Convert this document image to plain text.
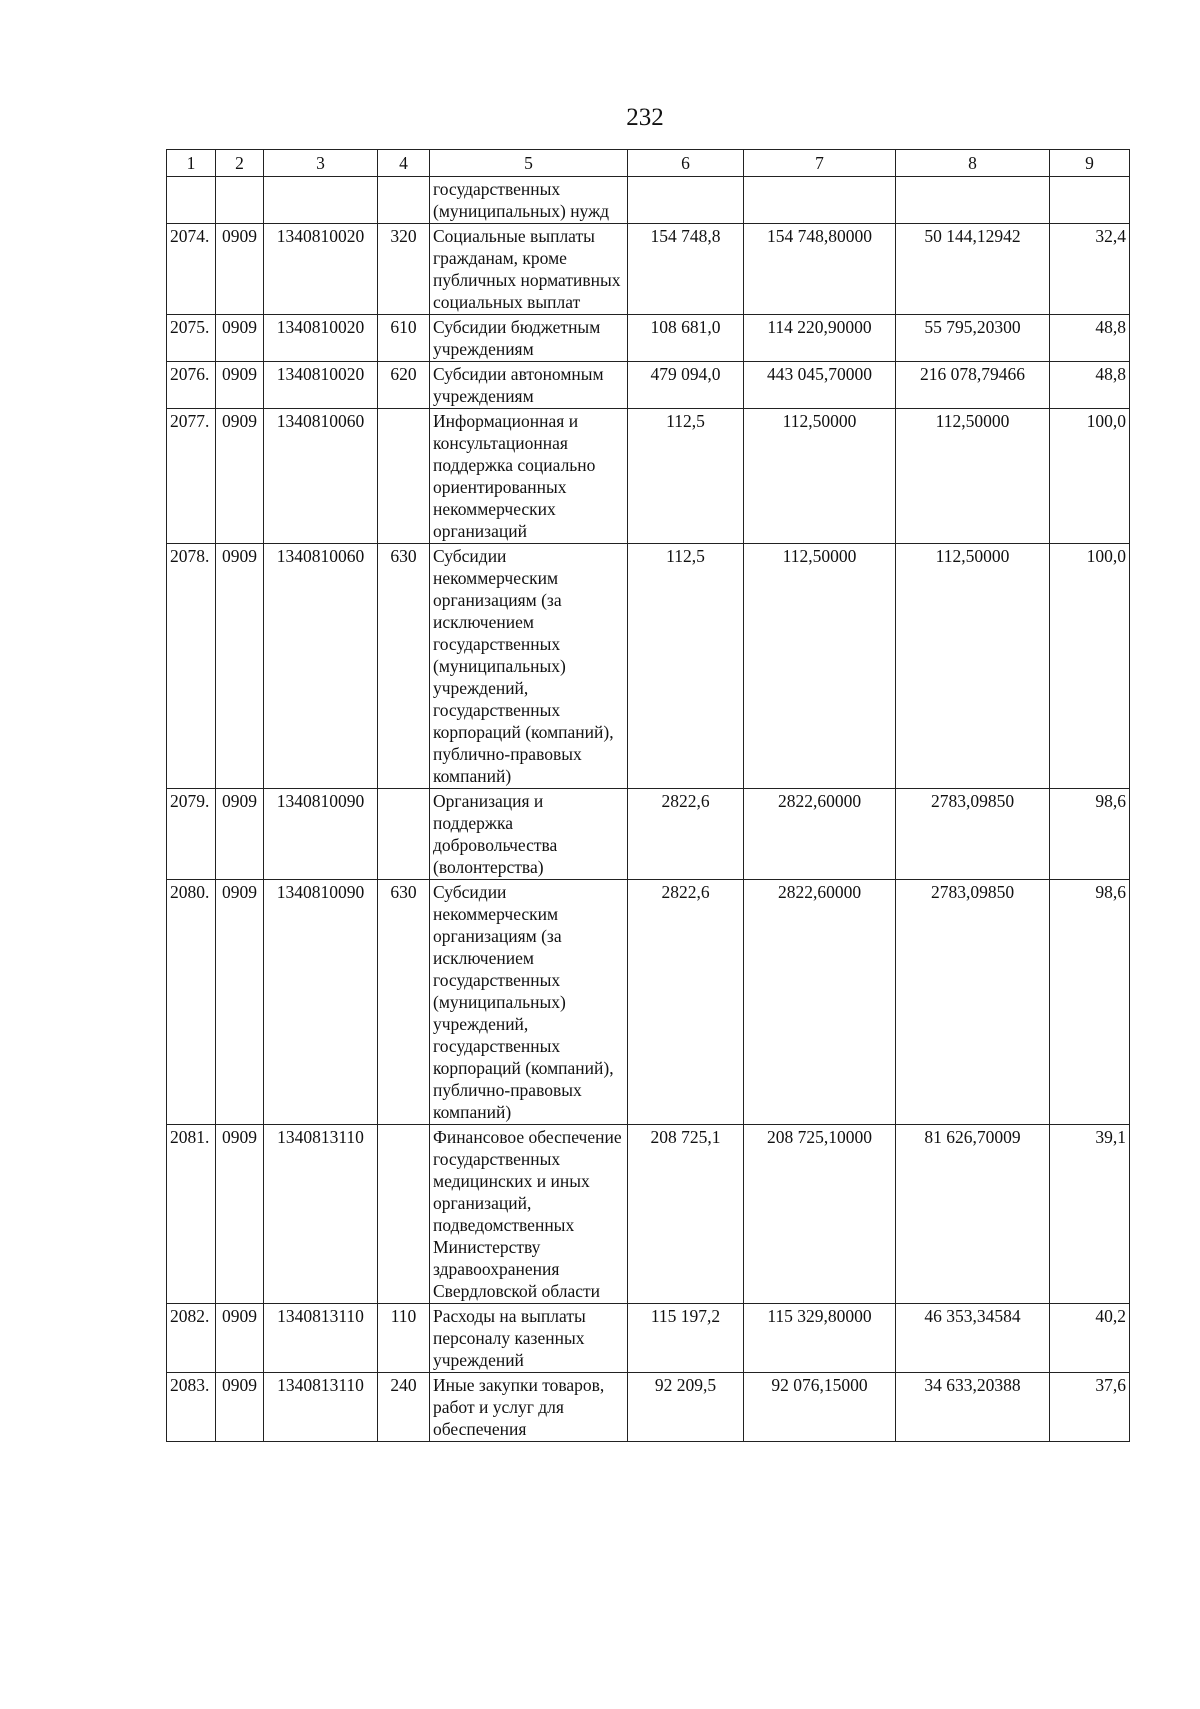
232
1	2	3	4	5	6	7	8	9
				государственных (муниципальных) нужд				
2074.	0909	1340810020	320	Социальные выплаты гражданам, кроме публичных нормативных социальных выплат	154 748,8	154 748,80000	50 144,12942	32,4
2075.	0909	1340810020	610	Субсидии бюджетным учреждениям	108 681,0	114 220,90000	55 795,20300	48,8
2076.	0909	1340810020	620	Субсидии автономным учреждениям	479 094,0	443 045,70000	216 078,79466	48,8
2077.	0909	1340810060		Информационная и консультационная поддержка социально ориентированных некоммерческих организаций	112,5	112,50000	112,50000	100,0
2078.	0909	1340810060	630	Субсидии некоммерческим организациям (за исключением государственных (муниципальных) учреждений, государственных корпораций (компаний), публично-правовых компаний)	112,5	112,50000	112,50000	100,0
2079.	0909	1340810090		Организация и поддержка добровольчества (волонтерства)	2822,6	2822,60000	2783,09850	98,6
2080.	0909	1340810090	630	Субсидии некоммерческим организациям (за исключением государственных (муниципальных) учреждений, государственных корпораций (компаний), публично-правовых компаний)	2822,6	2822,60000	2783,09850	98,6
2081.	0909	1340813110		Финансовое обеспечение государственных медицинских и иных организаций, подведомственных Министерству здравоохранения Свердловской области	208 725,1	208 725,10000	81 626,70009	39,1
2082.	0909	1340813110	110	Расходы на выплаты персоналу казенных учреждений	115 197,2	115 329,80000	46 353,34584	40,2
2083.	0909	1340813110	240	Иные закупки товаров, работ и услуг для обеспечения	92 209,5	92 076,15000	34 633,20388	37,6
